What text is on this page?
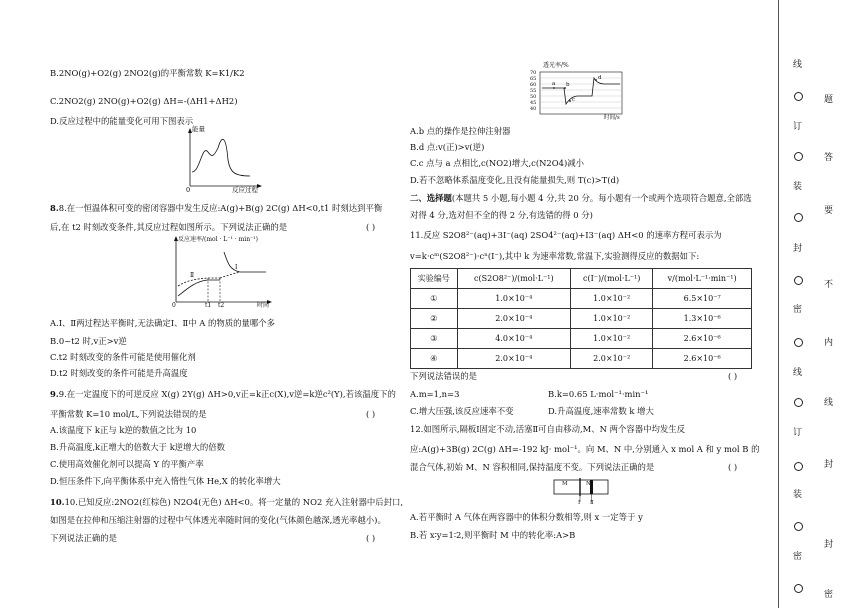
B.2NO(g)+O2(g) 2NO2(g)的平衡常数 K=K1/K2
C.2NO2(g) 2NO(g)+O2(g) ΔH=-(ΔH1+ΔH2)
D.反应过程中的能量变化可用下图表示
能量
0	反应过程
8.8.在一恒温体积可变的密闭容器中发生反应:A(g)+B(g) 2C(g) ΔH<0,t1 时刻达到平衡
后,在 t2 时刻改变条件,其反应过程如图所示。下列说法正确的是	( )
反应速率/(mol · L⁻¹ · min⁻¹)
0	t1 t2	时间
Ⅰ
Ⅱ
A.Ⅰ、Ⅱ两过程达平衡时,无法确定Ⅰ、Ⅱ中 A 的物质的量哪个多
B.0~t2 时,v正>v逆
C.t2 时刻改变的条件可能是使用催化剂
D.t2 时刻改变的条件可能是升高温度
9.9.在一定温度下的可逆反应 X(g) 2Y(g) ΔH>0,v正=k正c(X),v逆=k逆c²(Y),若该温度下的
平衡常数 K=10 mol/L,下列说法错误的是	( )
A.该温度下 k正与 k逆的数值之比为 10
B.升高温度,k正增大的倍数大于 k逆增大的倍数
C.使用高效催化剂可以提高 Y 的平衡产率
D.恒压条件下,向平衡体系中充入惰性气体 He,X 的转化率增大
10.10.已知反应:2NO2(红棕色) N2O4(无色) ΔH<0。将一定量的 NO2 充入注射器中后封口,
如图是在拉伸和压缩注射器的过程中气体透光率随时间的变化(气体颜色越深,透光率越小)。
下列说法正确的是	( )
透光率/%
70
65
60
55
50
45
40
a b
c
d
时间/s
A.b 点的操作是拉伸注射器
B.d 点:v(正)>v(逆)
C.c 点与 a 点相比,c(NO2)增大,c(N2O4)减小
D.若不忽略体系温度变化,且没有能量损失,则 T(c)>T(d)
二、选择题(本题共 5 小题,每小题 4 分,共 20 分。每小题有一个或两个选项符合题意,全部选
对得 4 分,选对但不全的得 2 分,有选错的得 0 分)
11.反应 S2O8²⁻(aq)+3I⁻(aq) 2SO4²⁻(aq)+I3⁻(aq) ΔH<0 的速率方程可表示为
v=k·cᵐ(S2O8²⁻)·cⁿ(I⁻),其中 k 为速率常数,常温下,实验测得反应的数据如下:
实验编号	c(S2O8²⁻)/(mol·L⁻¹)	c(I⁻)/(mol·L⁻¹)	v/(mol·L⁻¹·min⁻¹)
①	1.0×10⁻⁴	1.0×10⁻²	6.5×10⁻⁷
②	2.0×10⁻⁴	1.0×10⁻²	1.3×10⁻⁶
③	4.0×10⁻⁴	1.0×10⁻²	2.6×10⁻⁶
④	2.0×10⁻⁴	2.0×10⁻²	2.6×10⁻⁶
下列说法错误的是	( )
A.m=1,n=3	B.k=0.65 L·mol⁻¹·min⁻¹
C.增大压强,该反应速率不变	D.升高温度,速率常数 k 增大
12.如图所示,隔板Ⅰ固定不动,活塞Ⅱ可自由移动,M、N 两个容器中均发生反
应:A(g)+3B(g) 2C(g) ΔH=-192 kJ· mol⁻¹。向 M、N 中,分别通入 x mol A 和 y mol B 的
混合气体,初始 M、N 容积相同,保持温度不变。下列说法正确的是	( )
M	N
Ⅰ Ⅱ
A.若平衡时 A 气体在两容器中的体积分数相等,则 x 一定等于 y
B.若 x∶y=1∶2,则平衡时 M 中的转化率:A>B
线
题
订
答
装
要
封
不
密
内
线
线
订
封
装
密
封
密
